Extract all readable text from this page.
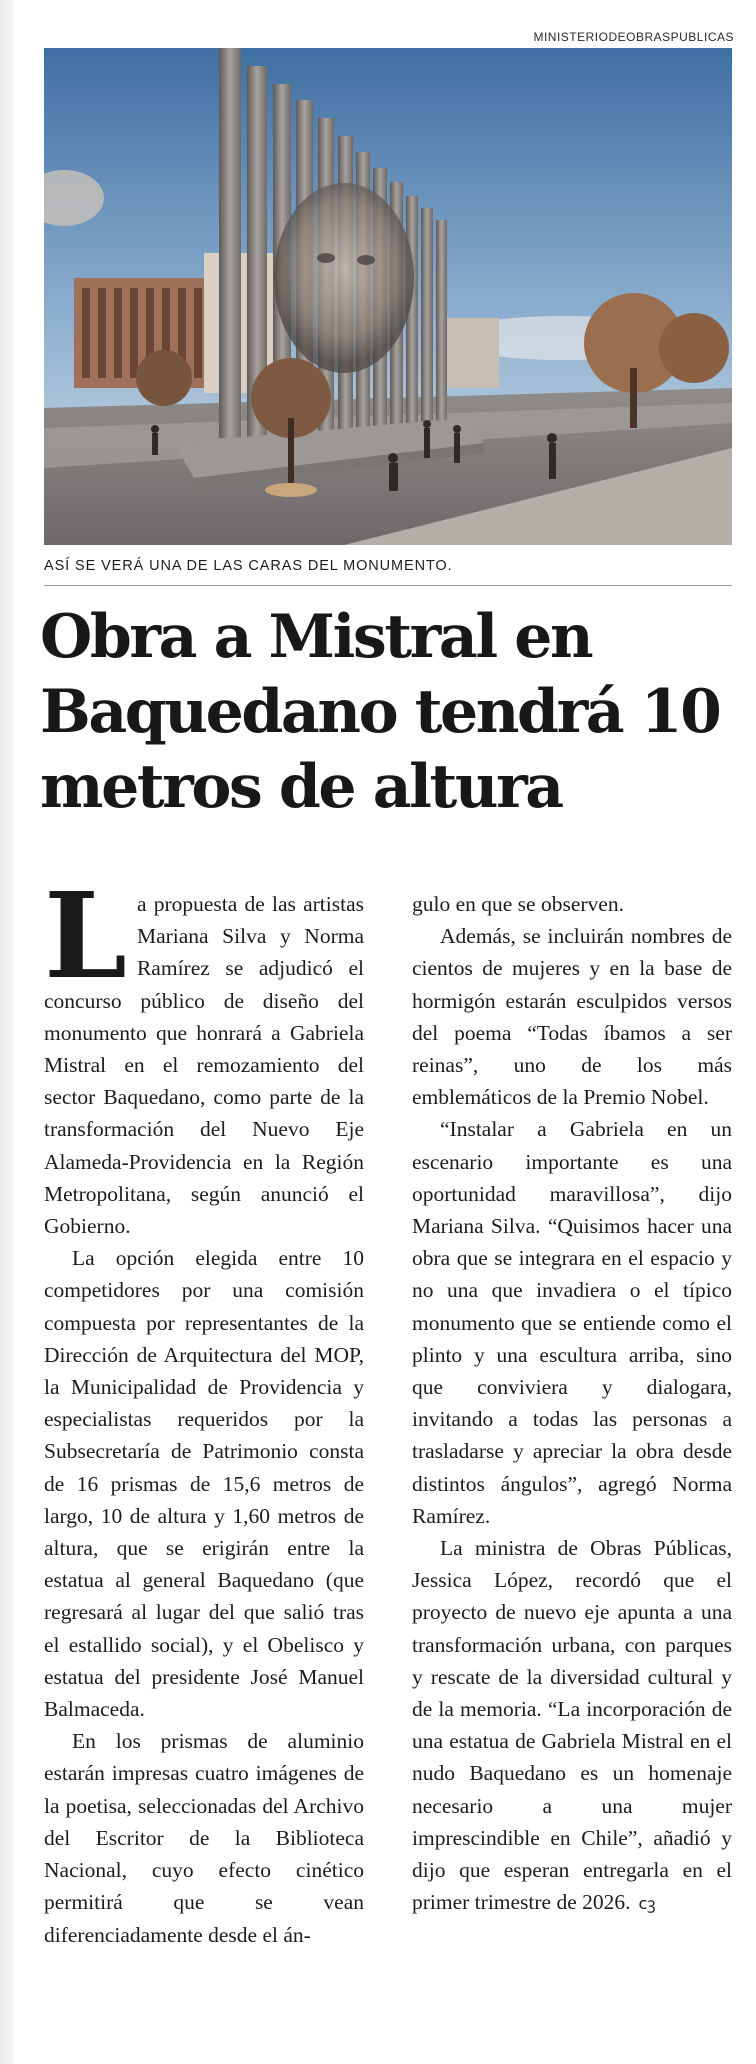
MINISTERIODEOBRASPUBLICAS
ASÍ SE VERÁ UNA DE LAS CARAS DEL MONUMENTO.
Obra a Mistral en Baquedano tendrá 10 metros de altura

La propuesta de las artistas Mariana Silva y Norma Ramírez se adjudicó el concurso público de diseño del monumento que honrará a Gabriela Mistral en el remozamiento del sector Baquedano, como parte de la transformación del Nuevo Eje Alameda-Providencia en la Región Metropolitana, según anunció el Gobierno.

La opción elegida entre 10 competidores por una comisión compuesta por representantes de la Dirección de Arquitectura del MOP, la Municipalidad de Providencia y especialistas requeridos por la Subsecretaría de Patrimonio consta de 16 prismas de 15,6 metros de largo, 10 de altura y 1,60 metros de altura, que se erigirán entre la estatua al general Baquedano (que regresará al lugar del que salió tras el estallido social), y el Obelisco y estatua del presidente José Manuel Balmaceda.

En los prismas de aluminio estarán impresas cuatro imágenes de la poetisa, seleccionadas del Archivo del Escritor de la Biblioteca Nacional, cuyo efecto cinético permitirá que se vean diferenciadamente desde el án-

gulo en que se observen.

Además, se incluirán nombres de cientos de mujeres y en la base de hormigón estarán esculpidos versos del poema “Todas íbamos a ser reinas”, uno de los más emblemáticos de la Premio Nobel.

“Instalar a Gabriela en un escenario importante es una oportunidad maravillosa”, dijo Mariana Silva. “Quisimos hacer una obra que se integrara en el espacio y no una que invadiera o el típico monumento que se entiende como el plinto y una escultura arriba, sino que conviviera y dialogara, invitando a todas las personas a trasladarse y apreciar la obra desde distintos ángulos”, agregó Norma Ramírez.

La ministra de Obras Públicas, Jessica López, recordó que el proyecto de nuevo eje apunta a una transformación urbana, con parques y rescate de la diversidad cultural y de la memoria. “La incorporación de una estatua de Gabriela Mistral en el nudo Baquedano es un homenaje necesario a una mujer imprescindible en Chile”, añadió y dijo que esperan entregarla en el primer trimestre de 2026. ᴄꝫ
